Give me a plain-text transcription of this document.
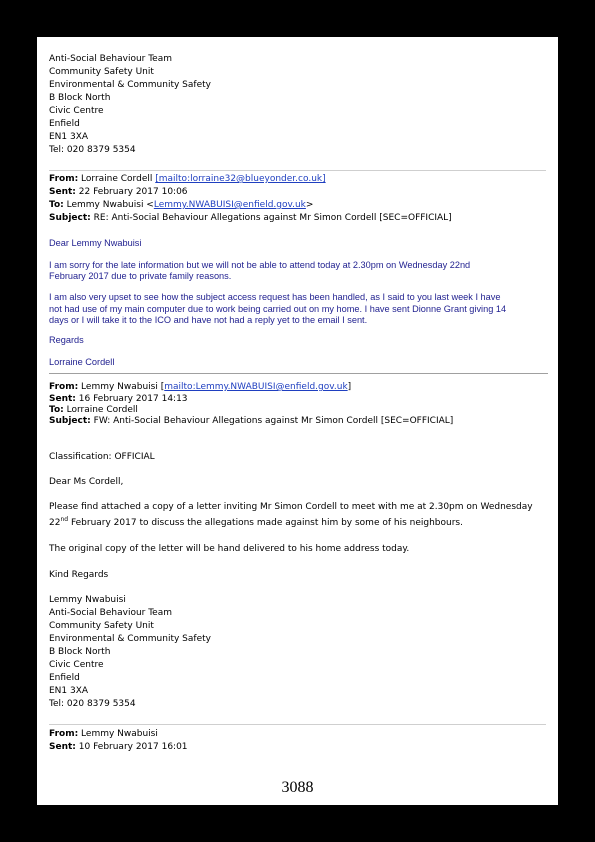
Anti-Social Behaviour Team
Community Safety Unit
Environmental & Community Safety
B Block North
Civic Centre
Enfield
EN1 3XA
Tel: 020 8379 5354
From: Lorraine Cordell [mailto:lorraine32@blueyonder.co.uk]
Sent: 22 February 2017 10:06
To: Lemmy Nwabuisi <Lemmy.NWABUISI@enfield.gov.uk>
Subject: RE: Anti-Social Behaviour Allegations against Mr Simon Cordell [SEC=OFFICIAL]
Dear Lemmy Nwabuisi
I am sorry for the late information but we will not be able to attend today at 2.30pm on Wednesday 22nd
February 2017 due to private family reasons.
I am also very upset to see how the subject access request has been handled, as I said to you last week I have
not had use of my main computer due to work being carried out on my home. I have sent Dionne Grant giving 14
days or I will take it to the ICO and have not had a reply yet to the email I sent.
Regards
Lorraine Cordell
From: Lemmy Nwabuisi [mailto:Lemmy.NWABUISI@enfield.gov.uk]
Sent: 16 February 2017 14:13
To: Lorraine Cordell
Subject: FW: Anti-Social Behaviour Allegations against Mr Simon Cordell [SEC=OFFICIAL]
Classification: OFFICIAL
Dear Ms Cordell,
Please find attached a copy of a letter inviting Mr Simon Cordell to meet with me at 2.30pm on Wednesday
22nd February 2017 to discuss the allegations made against him by some of his neighbours.
The original copy of the letter will be hand delivered to his home address today.
Kind Regards
Lemmy Nwabuisi
Anti-Social Behaviour Team
Community Safety Unit
Environmental & Community Safety
B Block North
Civic Centre
Enfield
EN1 3XA
Tel: 020 8379 5354
From: Lemmy Nwabuisi
Sent: 10 February 2017 16:01
3088
